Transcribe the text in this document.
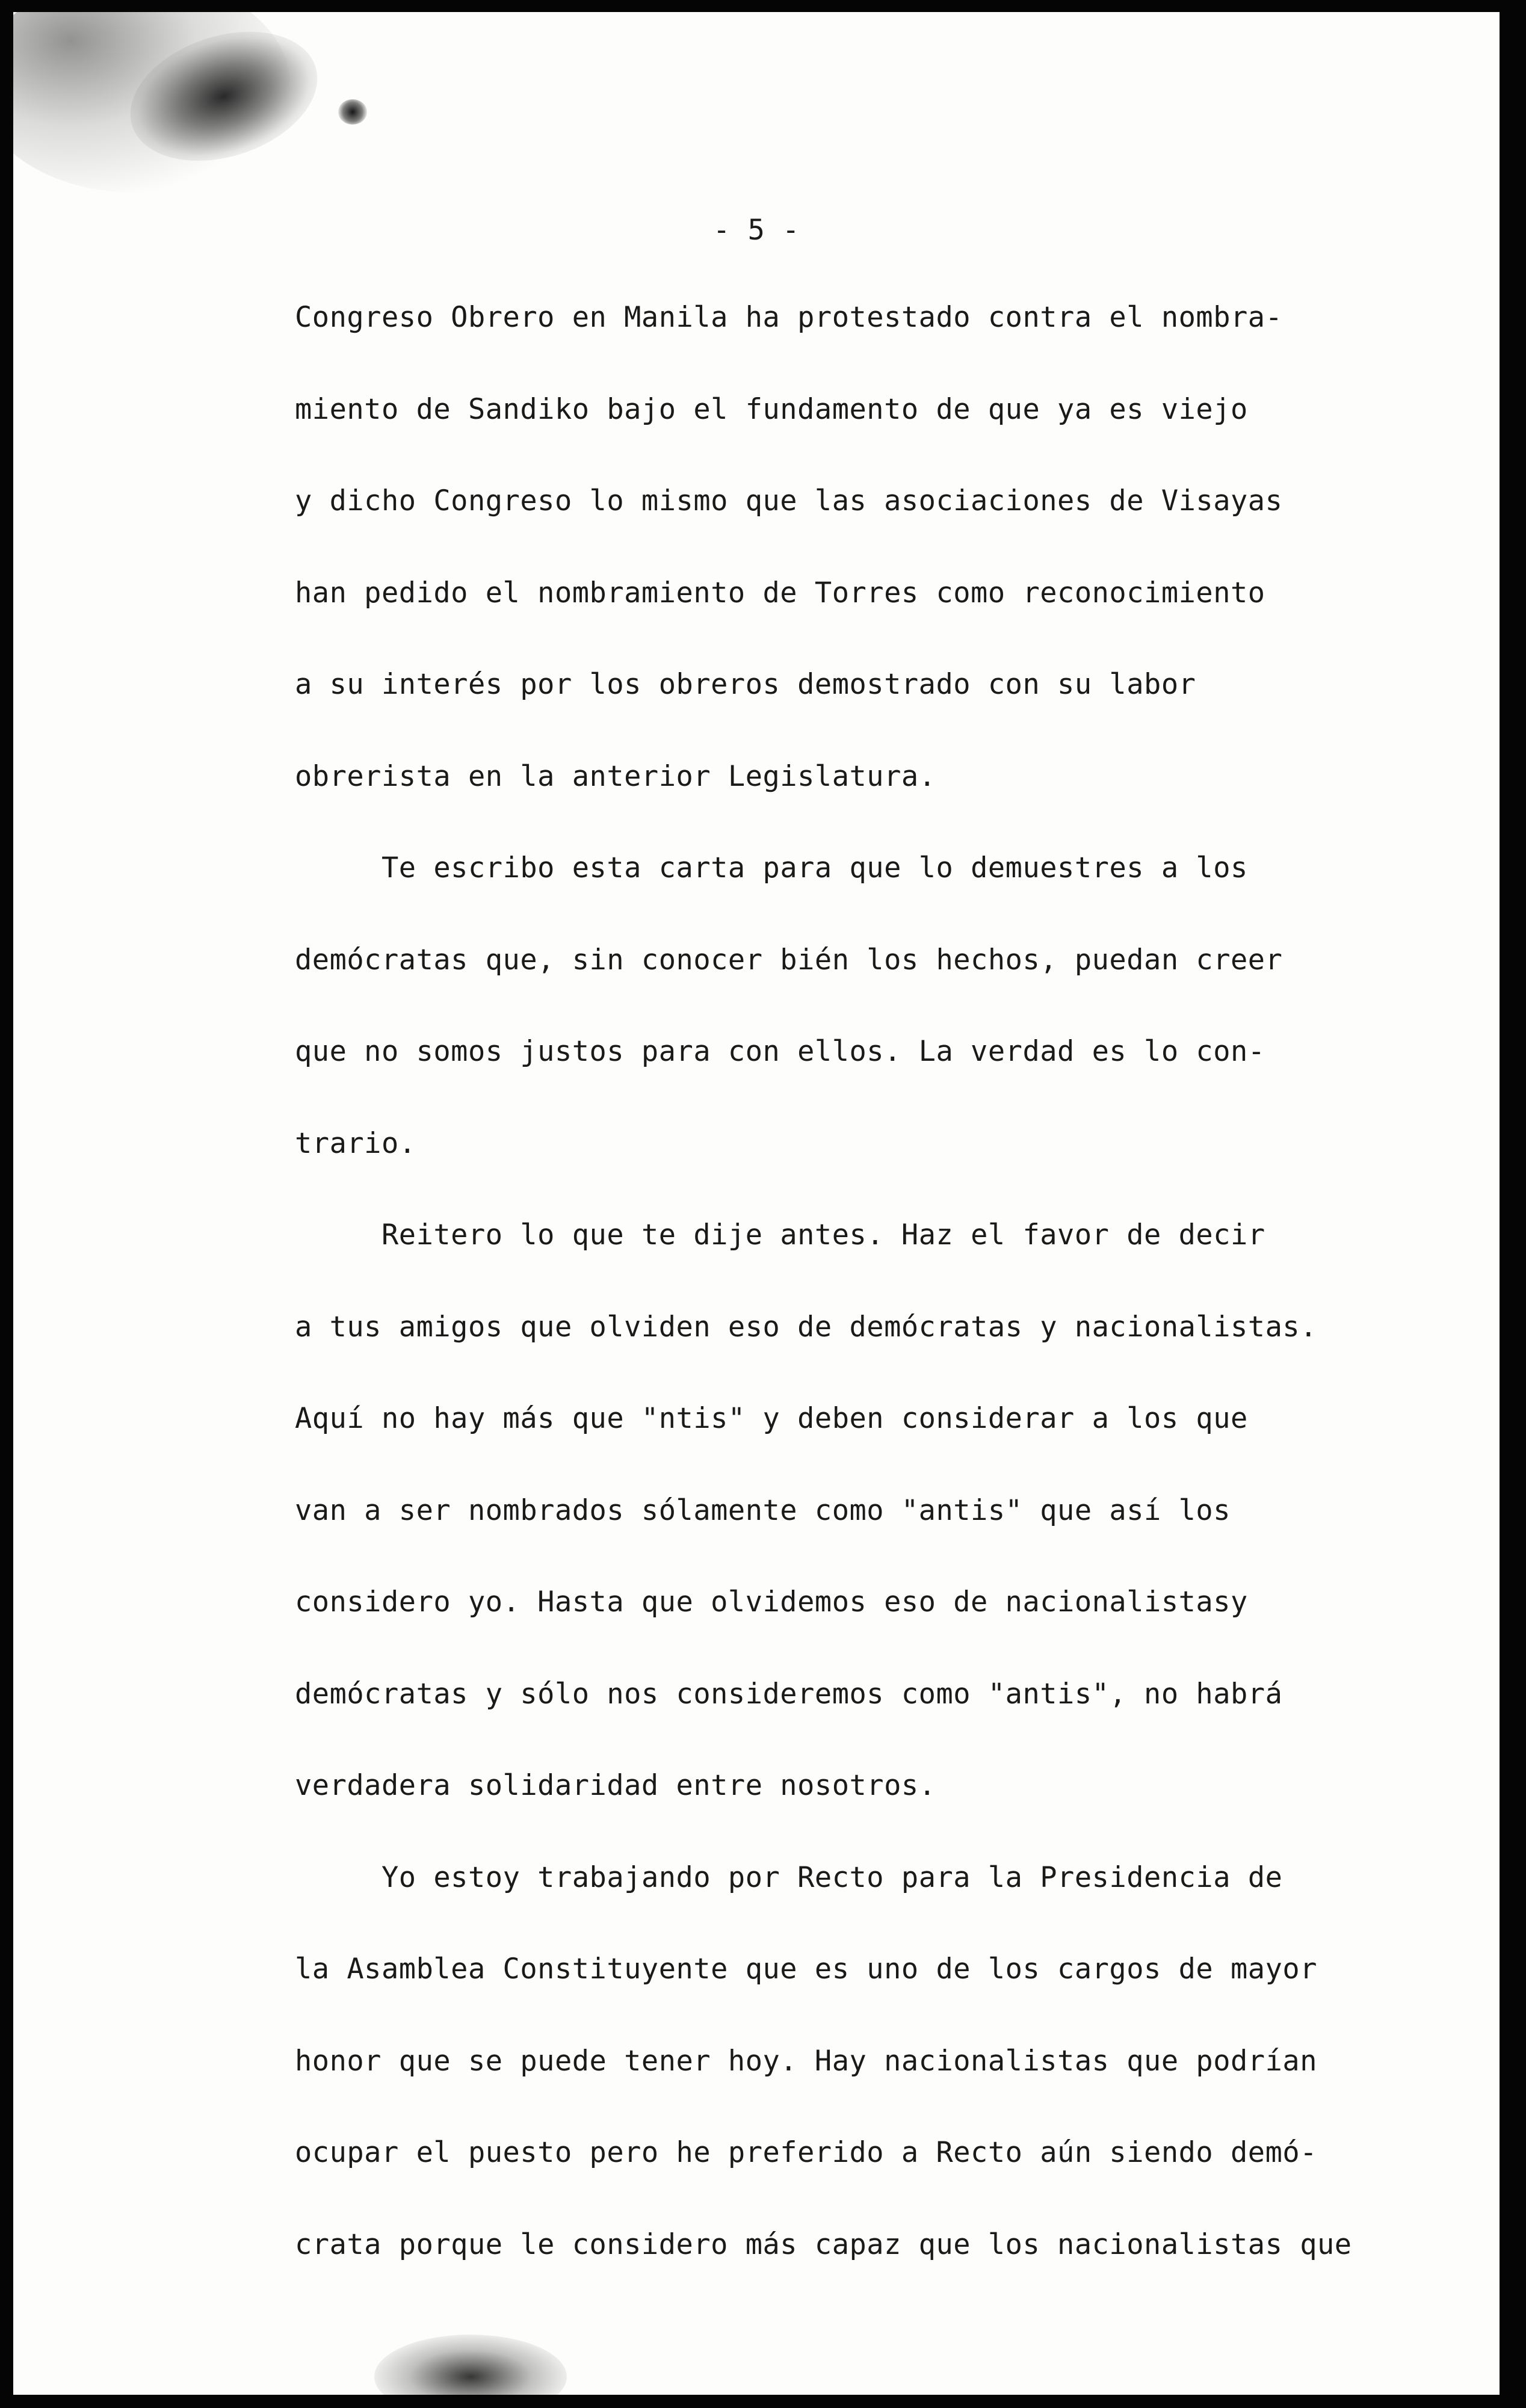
- 5 -
Congreso Obrero en Manila ha protestado contra el nombra-
miento de Sandiko bajo el fundamento de que ya es viejo
y dicho Congreso lo mismo que las asociaciones de Visayas
han pedido el nombramiento de Torres como reconocimiento
a su interés por los obreros demostrado con su labor
obrerista en la anterior Legislatura.
Te escribo esta carta para que lo demuestres a los
demócratas que, sin conocer bién los hechos, puedan creer
que no somos justos para con ellos. La verdad es lo con-
trario.
Reitero lo que te dije antes. Haz el favor de decir
a tus amigos que olviden eso de demócratas y nacionalistas.
Aquí no hay más que "ntis" y deben considerar a los que
van a ser nombrados sólamente como "antis" que así los
considero yo. Hasta que olvidemos eso de nacionalistasy
demócratas y sólo nos consideremos como "antis", no habrá
verdadera solidaridad entre nosotros.
Yo estoy trabajando por Recto para la Presidencia de
la Asamblea Constituyente que es uno de los cargos de mayor
honor que se puede tener hoy. Hay nacionalistas que podrían
ocupar el puesto pero he preferido a Recto aún siendo demó-
crata porque le considero más capaz que los nacionalistas que
